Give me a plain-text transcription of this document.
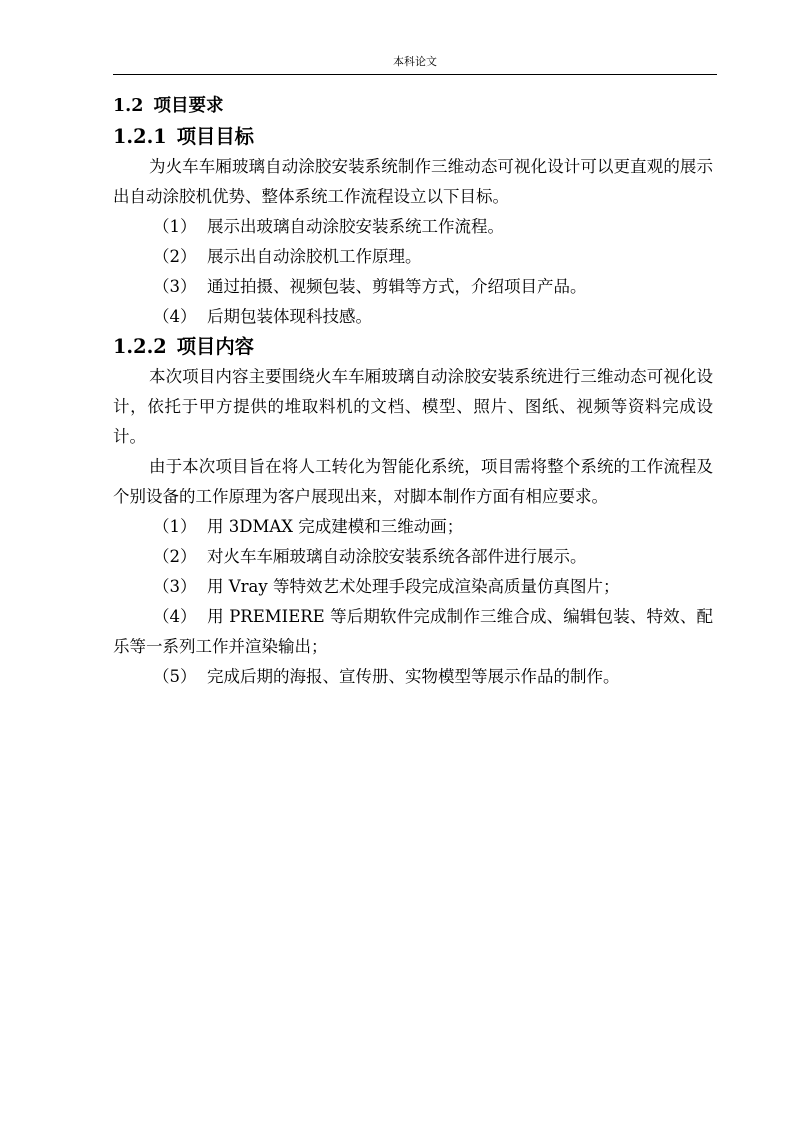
本科论文
1.2 项目要求
1.2.1 项目目标

为火车车厢玻璃自动涂胶安装系统制作三维动态可视化设计可以更直观的展示出自动涂胶机优势、整体系统工作流程设立以下目标。

（1） 展示出玻璃自动涂胶安装系统工作流程。

（2） 展示出自动涂胶机工作原理。

（3） 通过拍摄、视频包装、剪辑等方式，介绍项目产品。

（4） 后期包装体现科技感。

1.2.2 项目内容

本次项目内容主要围绕火车车厢玻璃自动涂胶安装系统进行三维动态可视化设计，依托于甲方提供的堆取料机的文档、模型、照片、图纸、视频等资料完成设计。

由于本次项目旨在将人工转化为智能化系统，项目需将整个系统的工作流程及个别设备的工作原理为客户展现出来，对脚本制作方面有相应要求。

（1） 用 3DMAX 完成建模和三维动画；

（2） 对火车车厢玻璃自动涂胶安装系统各部件进行展示。

（3） 用 Vray 等特效艺术处理手段完成渲染高质量仿真图片；

（4） 用 PREMIERE 等后期软件完成制作三维合成、编辑包装、特效、配乐等一系列工作并渲染输出；

（5） 完成后期的海报、宣传册、实物模型等展示作品的制作。
